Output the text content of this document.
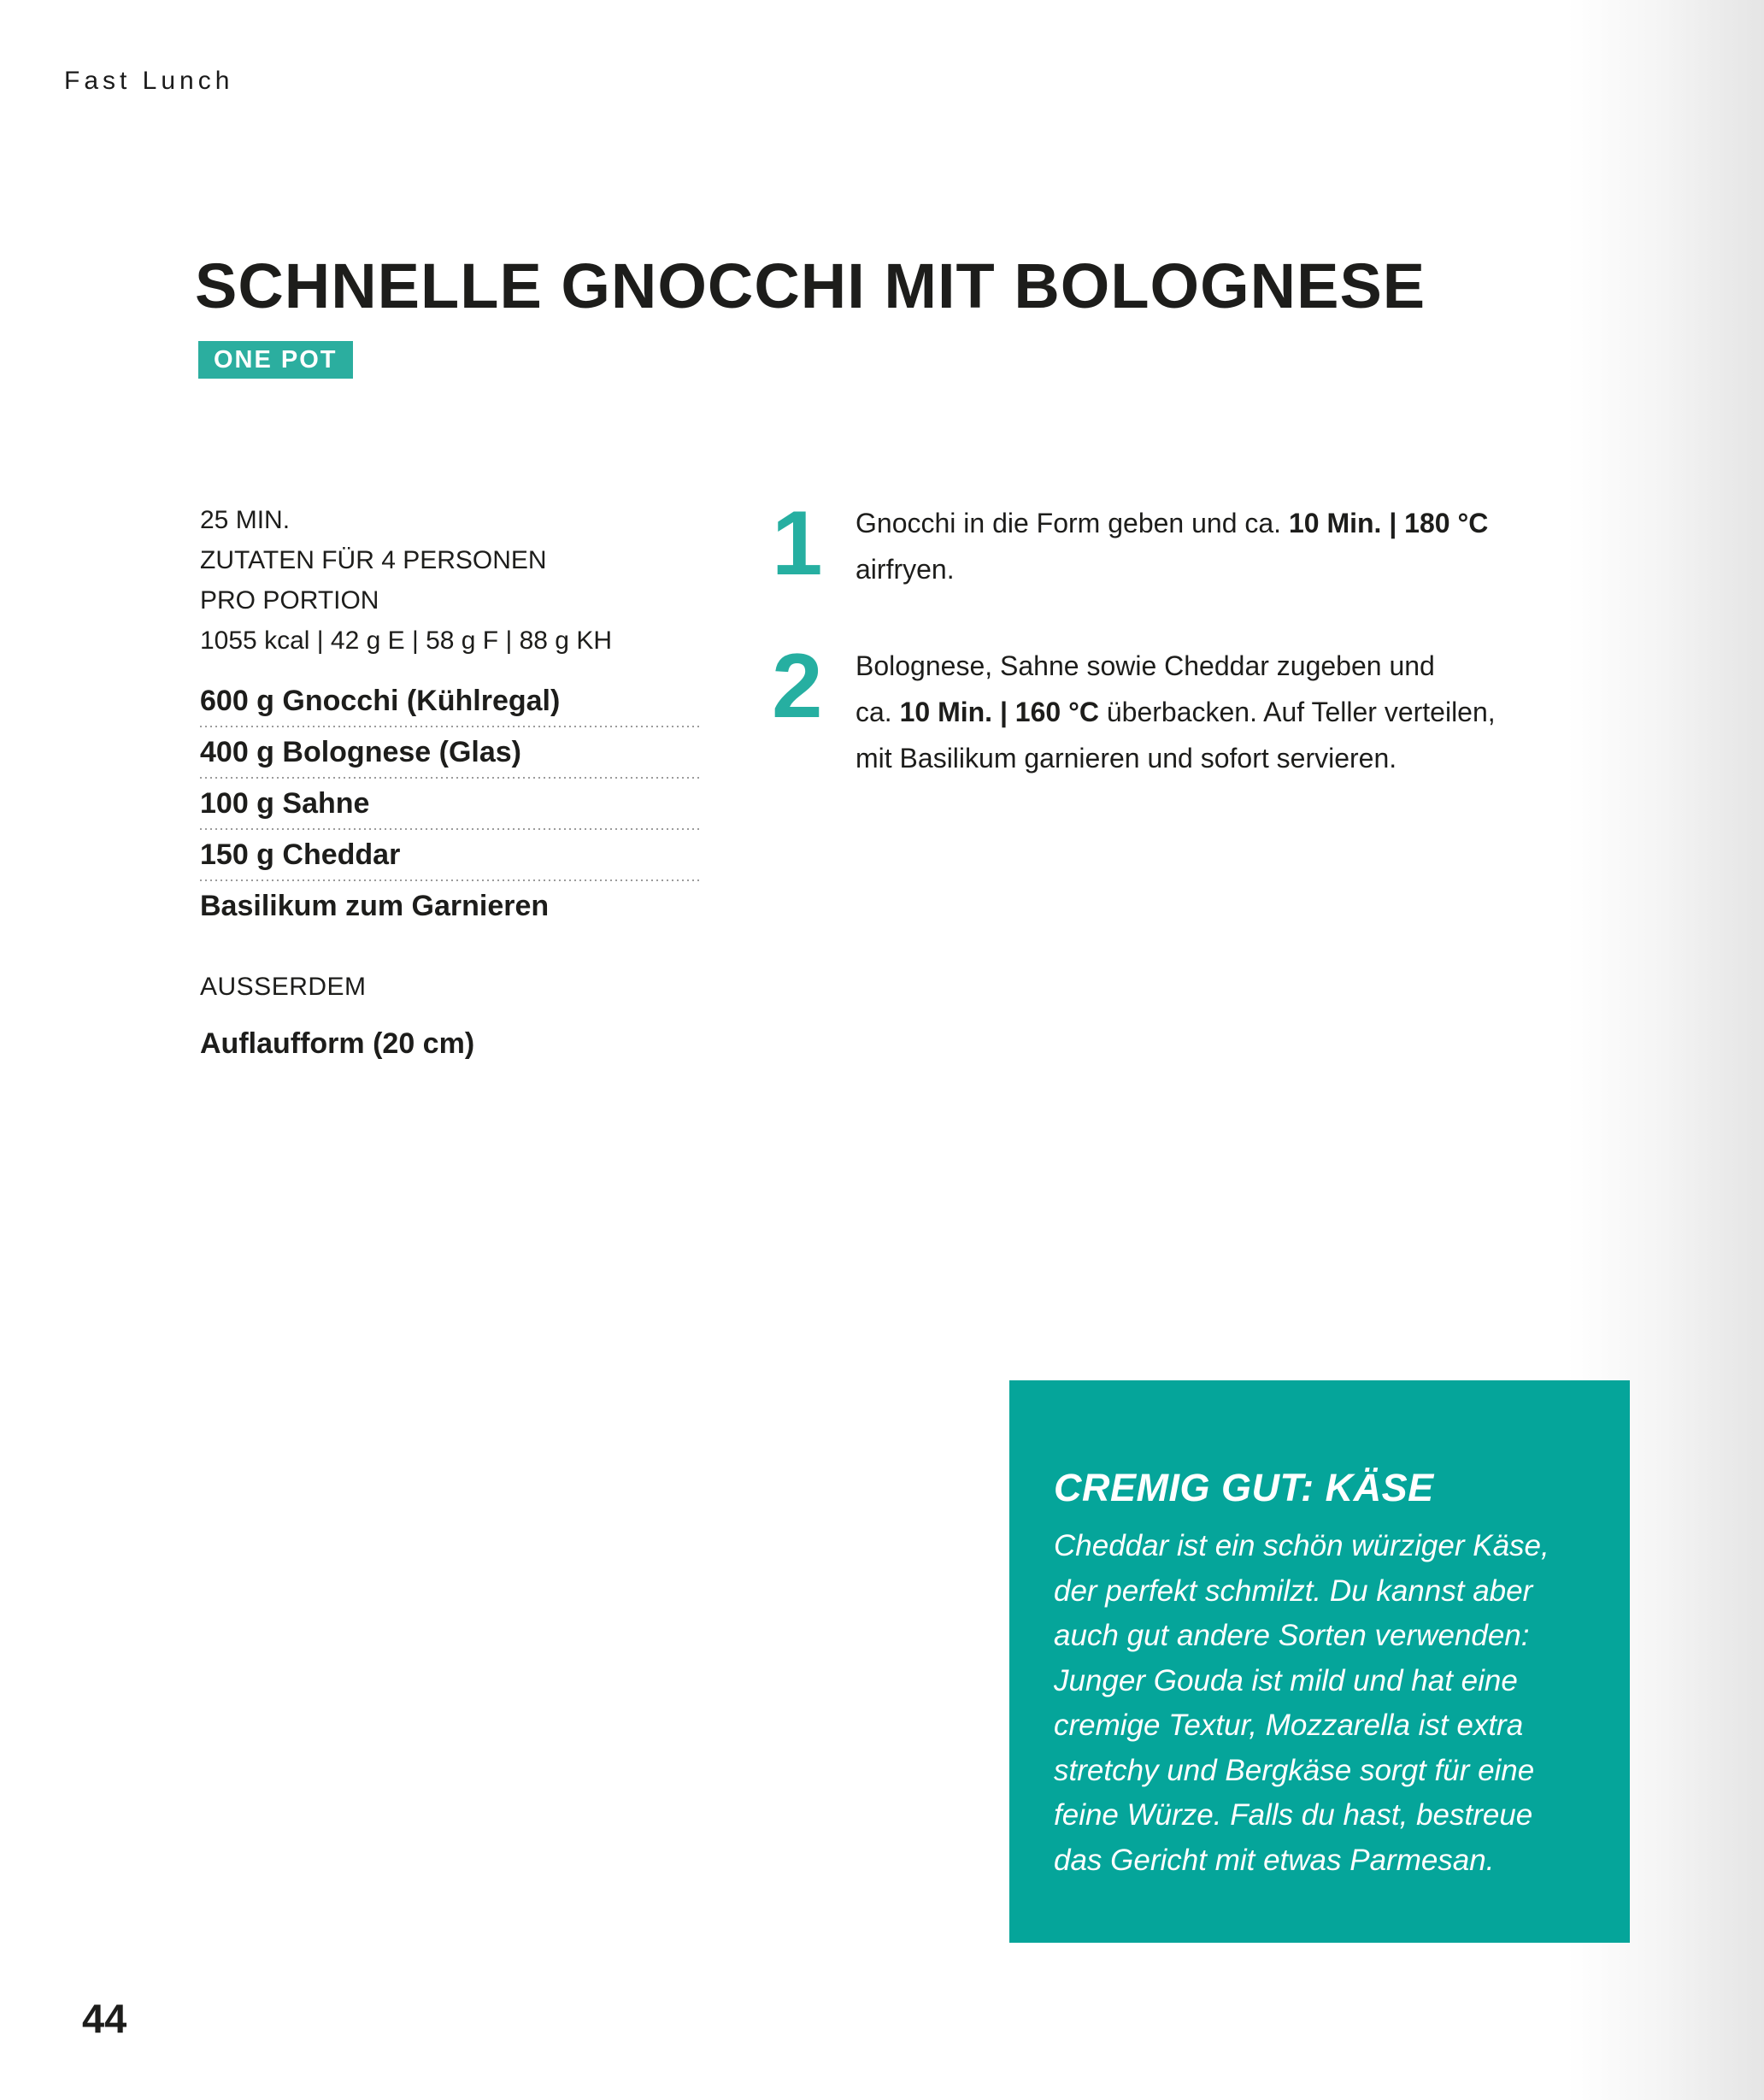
Fast Lunch
SCHNELLE GNOCCHI MIT BOLOGNESE
ONE POT
25 MIN.
ZUTATEN FÜR 4 PERSONEN
PRO PORTION
1055 kcal | 42 g E | 58 g F | 88 g KH
600 g Gnocchi (Kühlregal)
400 g Bolognese (Glas)
100 g Sahne
150 g Cheddar
Basilikum zum Garnieren
AUSSERDEM
Auflaufform (20 cm)
1	Gnocchi in die Form geben und ca. 10 Min. | 180 °C
airfryen.
2	Bolognese, Sahne sowie Cheddar zugeben und
ca. 10 Min. | 160 °C überbacken. Auf Teller verteilen,
mit Basilikum garnieren und sofort servieren.
CREMIG GUT: KÄSE
Cheddar ist ein schön würziger Käse,
der perfekt schmilzt. Du kannst aber
auch gut andere Sorten verwenden:
Junger Gouda ist mild und hat eine
cremige Textur, Mozzarella ist extra
stretchy und Bergkäse sorgt für eine
feine Würze. Falls du hast, bestreue
das Gericht mit etwas Parmesan.
44
